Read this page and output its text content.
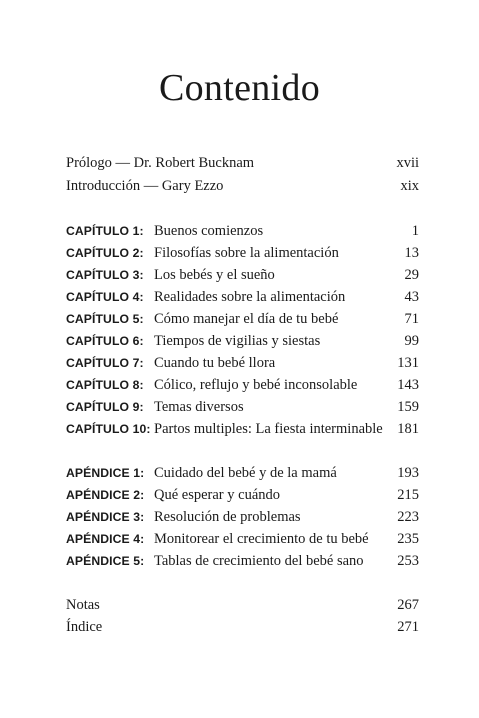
Contenido
Prólogo — Dr. Robert Bucknam	xvii
Introducción — Gary Ezzo	xix
CAPÍTULO 1: Buenos comienzos	1
CAPÍTULO 2: Filosofías sobre la alimentación	13
CAPÍTULO 3: Los bebés y el sueño	29
CAPÍTULO 4: Realidades sobre la alimentación	43
CAPÍTULO 5: Cómo manejar el día de tu bebé	71
CAPÍTULO 6: Tiempos de vigilias y siestas	99
CAPÍTULO 7: Cuando tu bebé llora	131
CAPÍTULO 8: Cólico, reflujo y bebé inconsolable	143
CAPÍTULO 9: Temas diversos	159
CAPÍTULO 10: Partos multiples: La fiesta interminable 181
APÉNDICE 1: Cuidado del bebé y de la mamá	193
APÉNDICE 2: Qué esperar y cuándo	215
APÉNDICE 3: Resolución de problemas	223
APÉNDICE 4: Monitorear el crecimiento de tu bebé 235
APÉNDICE 5: Tablas de crecimiento del bebé sano 253
Notas	267
Índice	271
